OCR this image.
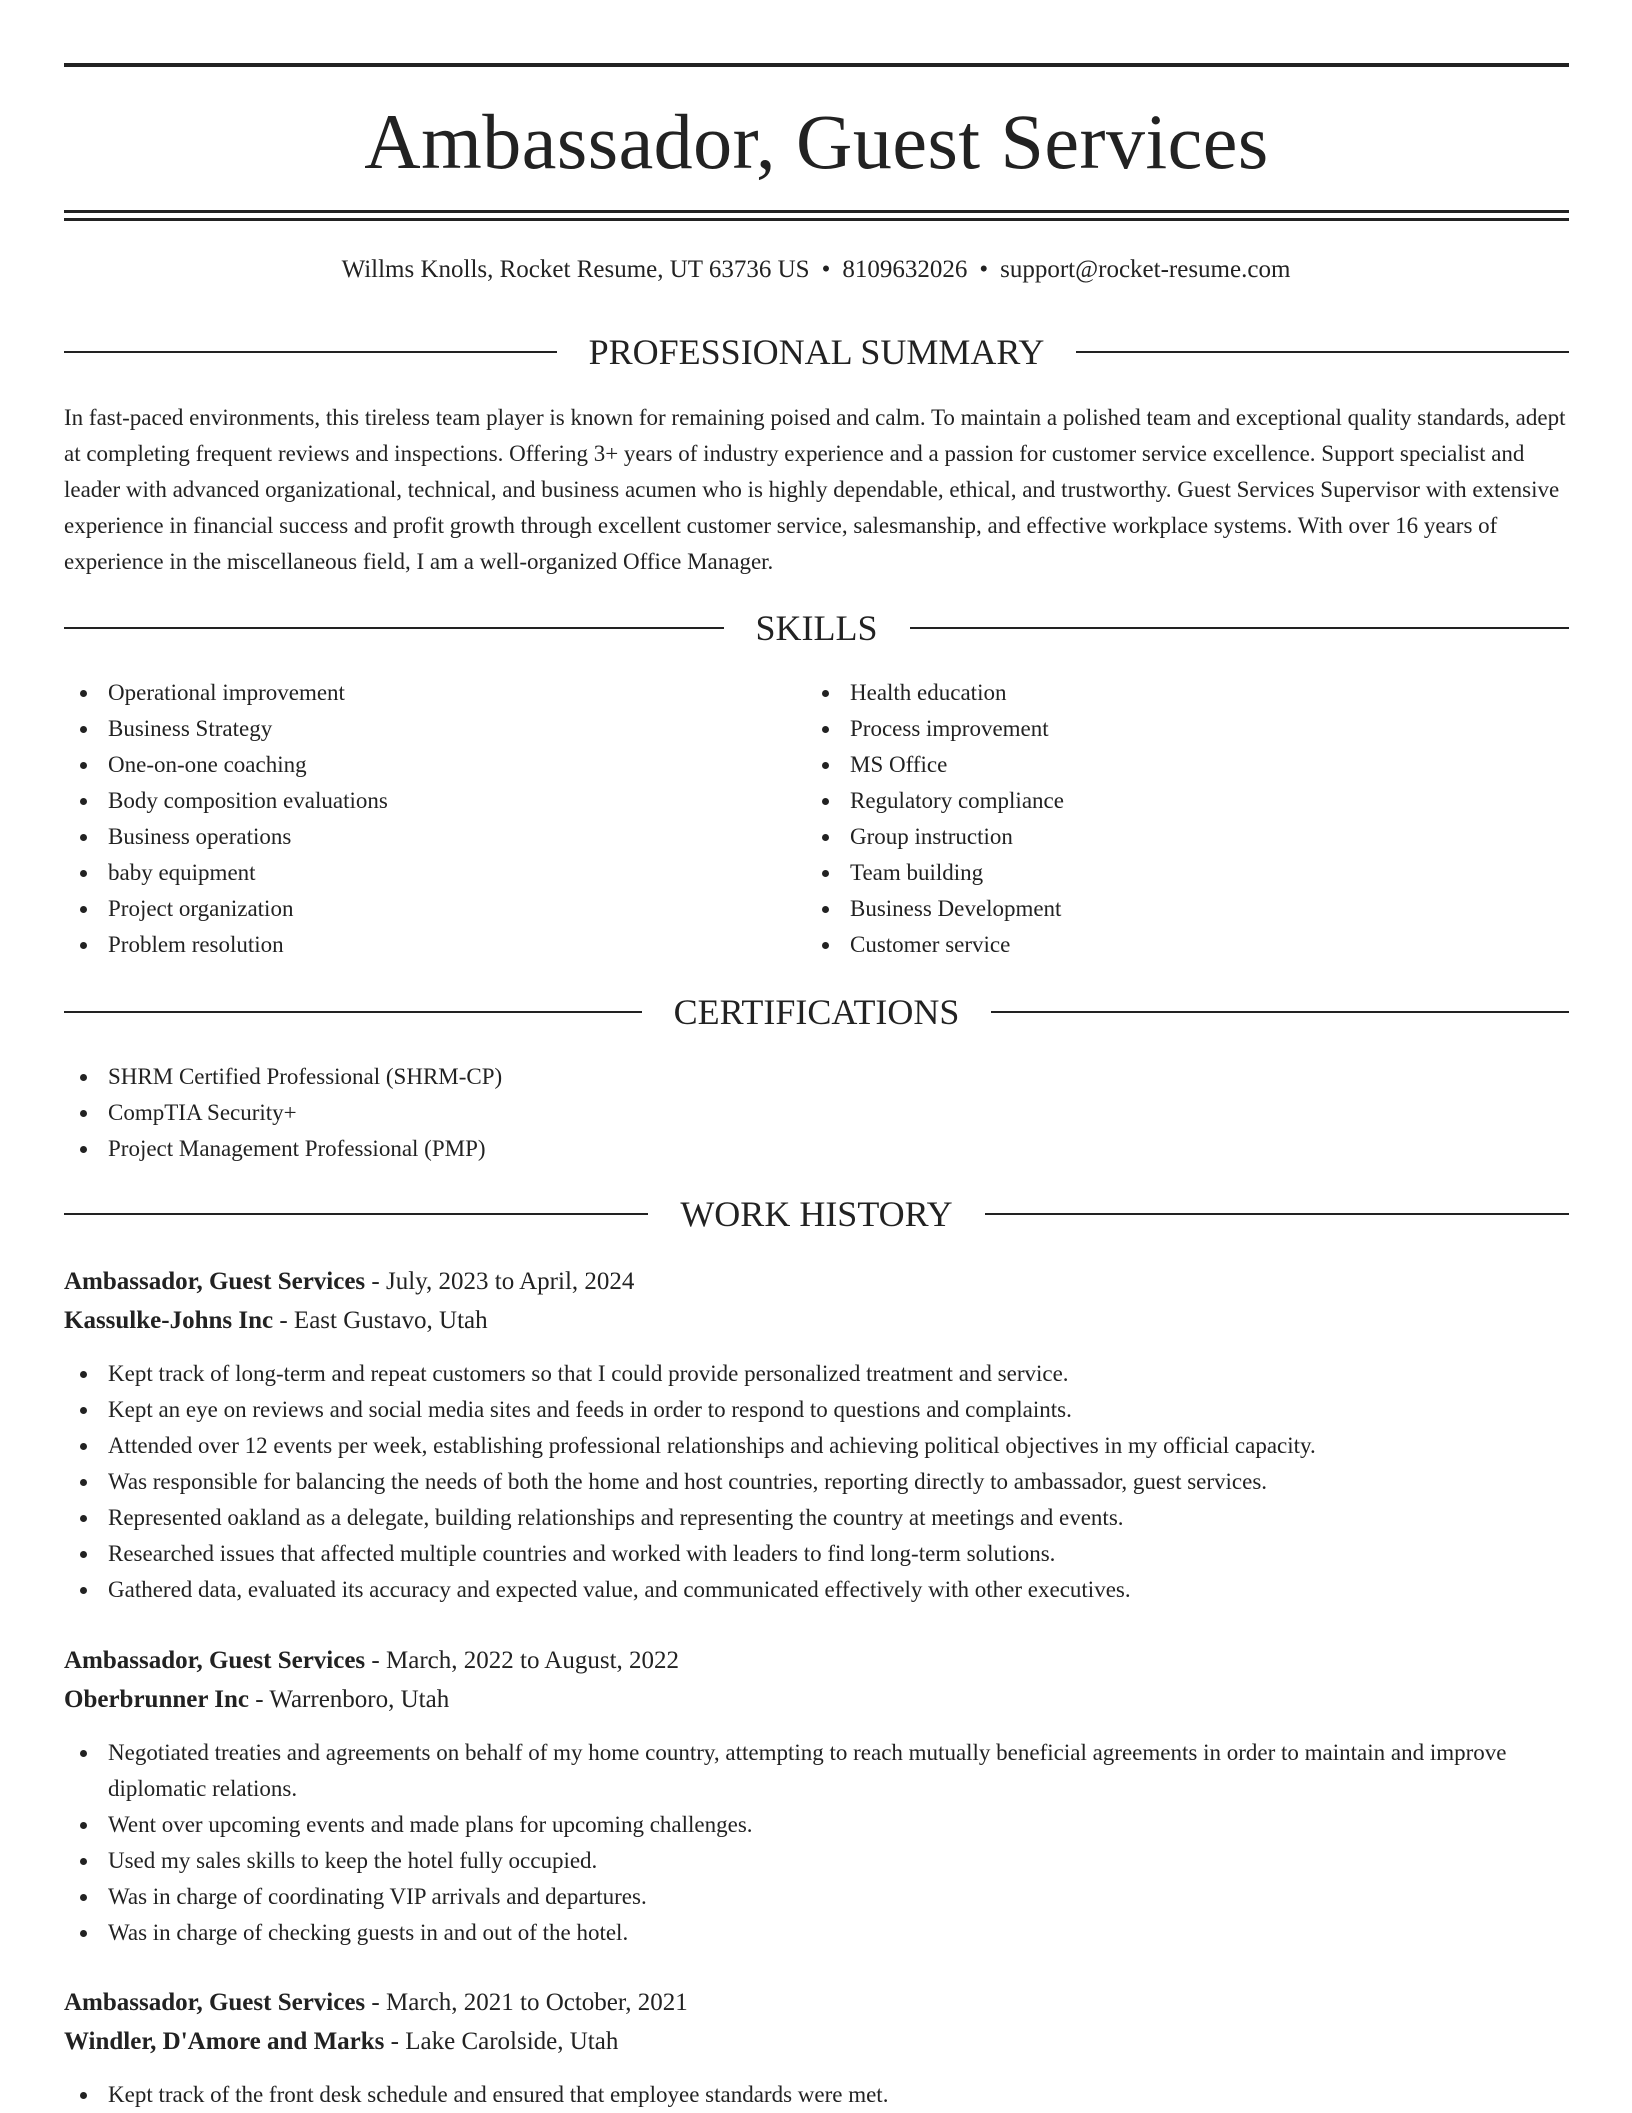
Ambassador, Guest Services
Willms Knolls, Rocket Resume, UT 63736 US • 8109632026 • support@rocket-resume.com
PROFESSIONAL SUMMARY

In fast-paced environments, this tireless team player is known for remaining poised and calm. To maintain a polished team and exceptional quality standards, adept at completing frequent reviews and inspections. Offering 3+ years of industry experience and a passion for customer service excellence. Support specialist and leader with advanced organizational, technical, and business acumen who is highly dependable, ethical, and trustworthy. Guest Services Supervisor with extensive experience in financial success and profit growth through excellent customer service, salesmanship, and effective workplace systems. With over 16 years of experience in the miscellaneous field, I am a well-organized Office Manager.

SKILLS
Operational improvement
Business Strategy
One-on-one coaching
Body composition evaluations
Business operations
baby equipment
Project organization
Problem resolution
Health education
Process improvement
MS Office
Regulatory compliance
Group instruction
Team building
Business Development
Customer service
CERTIFICATIONS
SHRM Certified Professional (SHRM-CP)
CompTIA Security+
Project Management Professional (PMP)
WORK HISTORY
Ambassador, Guest Services - July, 2023 to April, 2024
Kassulke-Johns Inc - East Gustavo, Utah
Kept track of long-term and repeat customers so that I could provide personalized treatment and service.
Kept an eye on reviews and social media sites and feeds in order to respond to questions and complaints.
Attended over 12 events per week, establishing professional relationships and achieving political objectives in my official capacity.
Was responsible for balancing the needs of both the home and host countries, reporting directly to ambassador, guest services.
Represented oakland as a delegate, building relationships and representing the country at meetings and events.
Researched issues that affected multiple countries and worked with leaders to find long-term solutions.
Gathered data, evaluated its accuracy and expected value, and communicated effectively with other executives.
Ambassador, Guest Services - March, 2022 to August, 2022
Oberbrunner Inc - Warrenboro, Utah
Negotiated treaties and agreements on behalf of my home country, attempting to reach mutually beneficial agreements in order to maintain and improve diplomatic relations.
Went over upcoming events and made plans for upcoming challenges.
Used my sales skills to keep the hotel fully occupied.
Was in charge of coordinating VIP arrivals and departures.
Was in charge of checking guests in and out of the hotel.
Ambassador, Guest Services - March, 2021 to October, 2021
Windler, D'Amore and Marks - Lake Carolside, Utah
Kept track of the front desk schedule and ensured that employee standards were met.
